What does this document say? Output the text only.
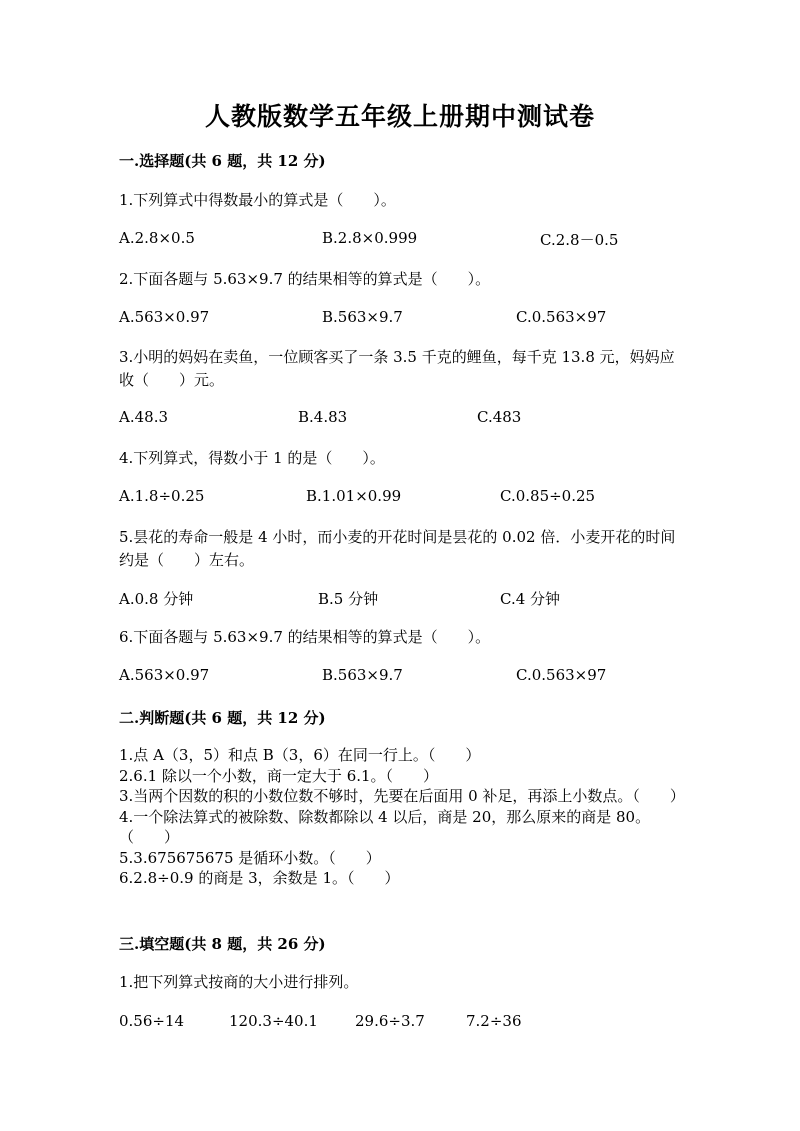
人教版数学五年级上册期中测试卷
一.选择题(共 6 题，共 12 分)
1.下列算式中得数最小的算式是（　　）。
A.2.8×0.5	B.2.8×0.999	C.2.8－0.5
2.下面各题与 5.63×9.7 的结果相等的算式是（　　）。
A.563×0.97	B.563×9.7	C.0.563×97
3.小明的妈妈在卖鱼，一位顾客买了一条 3.5 千克的鲤鱼，每千克 13.8 元，妈妈应收（　　）元。
A.48.3	B.4.83	C.483
4.下列算式，得数小于 1 的是（　　）。
A.1.8÷0.25	B.1.01×0.99	C.0.85÷0.25
5.昙花的寿命一般是 4 小时，而小麦的开花时间是昙花的 0.02 倍．小麦开花的时间约是（　　）左右。
A.0.8 分钟	B.5 分钟	C.4 分钟
6.下面各题与 5.63×9.7 的结果相等的算式是（　　）。
A.563×0.97	B.563×9.7	C.0.563×97
二.判断题(共 6 题，共 12 分)
1.点 A（3，5）和点 B（3，6）在同一行上。（　　）
2.6.1 除以一个小数，商一定大于 6.1。（　　）
3.当两个因数的积的小数位数不够时，先要在后面用 0 补足，再添上小数点。（　　）
4.一个除法算式的被除数、除数都除以 4 以后，商是 20，那么原来的商是 80。（　　）
5.3.675675675 是循环小数。（　　）
6.2.8÷0.9 的商是 3，余数是 1。（　　）
三.填空题(共 8 题，共 26 分)
1.把下列算式按商的大小进行排列。
0.56÷14	120.3÷40.1 29.6÷3.7	7.2÷36
